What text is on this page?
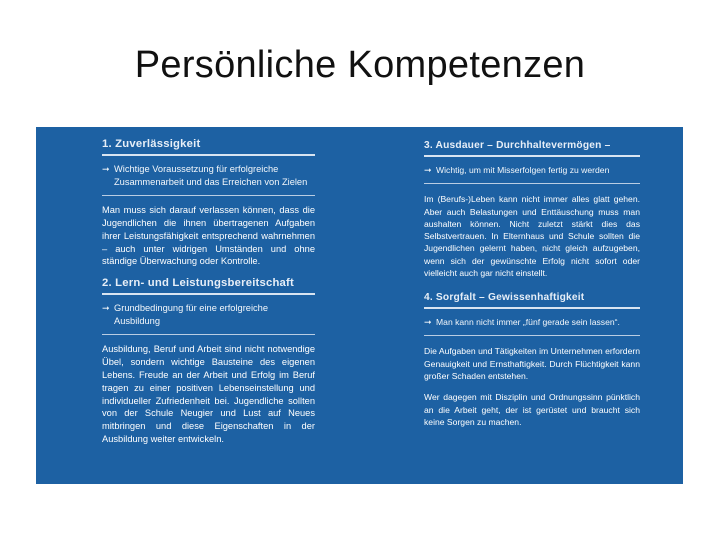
Persönliche Kompetenzen
1. Zuverlässigkeit
➞ Wichtige Voraussetzung für erfolgreiche Zusammenarbeit und das Erreichen von Zielen
Man muss sich darauf verlassen können, dass die Jugendlichen die ihnen übertragenen Aufgaben ihrer Leistungsfähigkeit entsprechend wahrnehmen – auch unter widrigen Umständen und ohne ständige Überwachung oder Kontrolle.
2. Lern- und Leistungsbereitschaft
➞ Grundbedingung für eine erfolgreiche Ausbildung
Ausbildung, Beruf und Arbeit sind nicht notwendige Übel, sondern wichtige Bausteine des eigenen Lebens. Freude an der Arbeit und Erfolg im Beruf tragen zu einer positiven Lebenseinstellung und individueller Zufriedenheit bei. Jugendliche sollten von der Schule Neugier und Lust auf Neues mitbringen und diese Eigenschaften in der Ausbildung weiter entwickeln.
3. Ausdauer – Durchhaltevermögen –
➞ Wichtig, um mit Misserfolgen fertig zu werden
Im (Berufs-)Leben kann nicht immer alles glatt gehen. Aber auch Belastungen und Enttäuschung muss man aushalten können. Nicht zuletzt stärkt dies das Selbstvertrauen. In Elternhaus und Schule sollten die Jugendlichen gelernt haben, nicht gleich aufzugeben, wenn sich der gewünschte Erfolg nicht sofort oder vielleicht auch gar nicht einstellt.
4. Sorgfalt – Gewissenhaftigkeit
➞ Man kann nicht immer „fünf gerade sein lassen“.
Die Aufgaben und Tätigkeiten im Unternehmen erfordern Genauigkeit und Ernsthaftigkeit. Durch Flüchtigkeit kann großer Schaden entstehen.
Wer dagegen mit Disziplin und Ordnungssinn pünktlich an die Arbeit geht, der ist gerüstet und braucht sich keine Sorgen zu machen.
